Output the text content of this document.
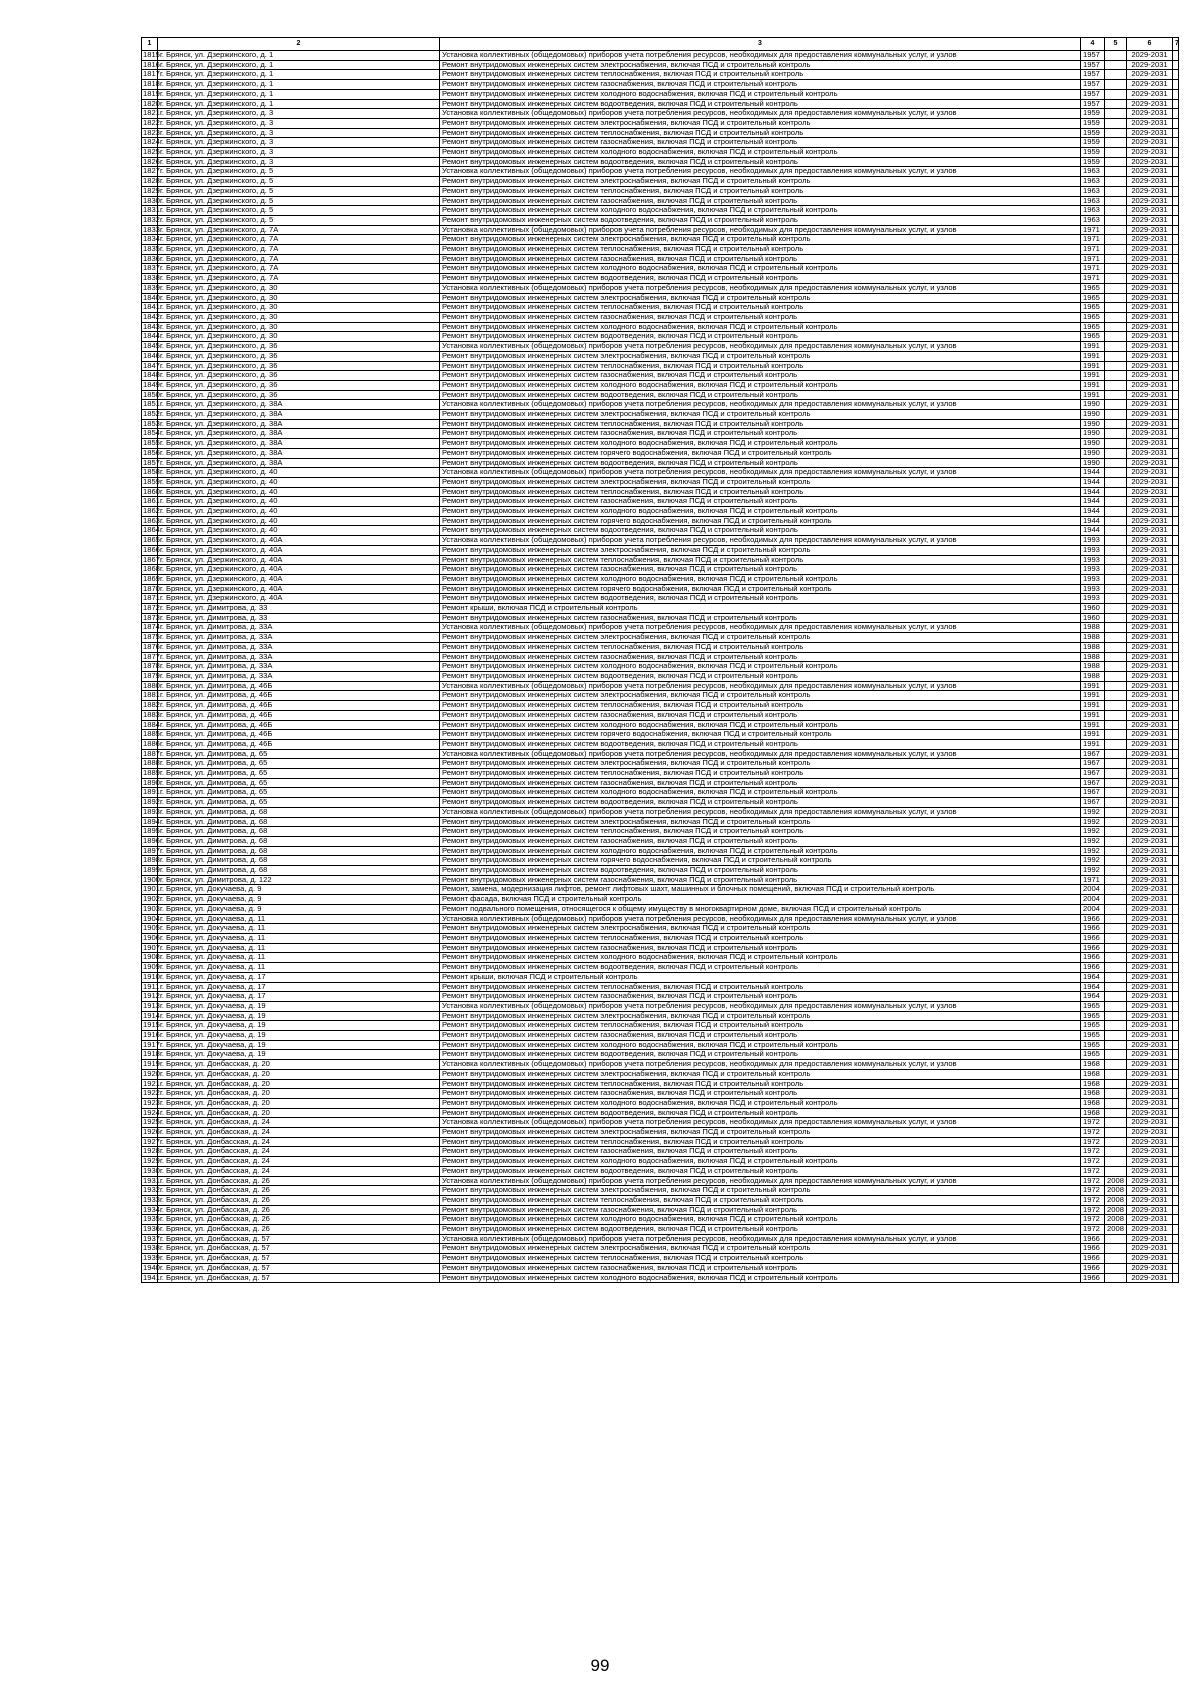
1	2	3	4	5	6	7
1815	г. Брянск, ул. Дзержинского, д. 1	Установка коллективных (общедомовых) приборов учета потребления ресурсов, необходимых для предоставления коммунальных услуг, и узлов	1957		2029-2031	
1816	г. Брянск, ул. Дзержинского, д. 1	Ремонт внутридомовых инженерных систем электроснабжения, включая ПСД и строительный контроль	1957		2029-2031	
1817	г. Брянск, ул. Дзержинского, д. 1	Ремонт внутридомовых инженерных систем теплоснабжения, включая ПСД и строительный контроль	1957		2029-2031	
1818	г. Брянск, ул. Дзержинского, д. 1	Ремонт внутридомовых инженерных систем газоснабжения, включая ПСД и строительный контроль	1957		2029-2031	
1819	г. Брянск, ул. Дзержинского, д. 1	Ремонт внутридомовых инженерных систем холодного водоснабжения, включая ПСД и строительный контроль	1957		2029-2031	
1820	г. Брянск, ул. Дзержинского, д. 1	Ремонт внутридомовых инженерных систем водоотведения, включая ПСД и строительный контроль	1957		2029-2031	
1821	г. Брянск, ул. Дзержинского, д. 3	Установка коллективных (общедомовых) приборов учета потребления ресурсов, необходимых для предоставления коммунальных услуг, и узлов	1959		2029-2031	
1822	г. Брянск, ул. Дзержинского, д. 3	Ремонт внутридомовых инженерных систем электроснабжения, включая ПСД и строительный контроль	1959		2029-2031	
1823	г. Брянск, ул. Дзержинского, д. 3	Ремонт внутридомовых инженерных систем теплоснабжения, включая ПСД и строительный контроль	1959		2029-2031	
1824	г. Брянск, ул. Дзержинского, д. 3	Ремонт внутридомовых инженерных систем газоснабжения, включая ПСД и строительный контроль	1959		2029-2031	
1825	г. Брянск, ул. Дзержинского, д. 3	Ремонт внутридомовых инженерных систем холодного водоснабжения, включая ПСД и строительный контроль	1959		2029-2031	
1826	г. Брянск, ул. Дзержинского, д. 3	Ремонт внутридомовых инженерных систем водоотведения, включая ПСД и строительный контроль	1959		2029-2031	
1827	г. Брянск, ул. Дзержинского, д. 5	Установка коллективных (общедомовых) приборов учета потребления ресурсов, необходимых для предоставления коммунальных услуг, и узлов	1963		2029-2031	
1828	г. Брянск, ул. Дзержинского, д. 5	Ремонт внутридомовых инженерных систем электроснабжения, включая ПСД и строительный контроль	1963		2029-2031	
1829	г. Брянск, ул. Дзержинского, д. 5	Ремонт внутридомовых инженерных систем теплоснабжения, включая ПСД и строительный контроль	1963		2029-2031	
1830	г. Брянск, ул. Дзержинского, д. 5	Ремонт внутридомовых инженерных систем газоснабжения, включая ПСД и строительный контроль	1963		2029-2031	
1831	г. Брянск, ул. Дзержинского, д. 5	Ремонт внутридомовых инженерных систем холодного водоснабжения, включая ПСД и строительный контроль	1963		2029-2031	
1832	г. Брянск, ул. Дзержинского, д. 5	Ремонт внутридомовых инженерных систем водоотведения, включая ПСД и строительный контроль	1963		2029-2031	
1833	г. Брянск, ул. Дзержинского, д. 7А	Установка коллективных (общедомовых) приборов учета потребления ресурсов, необходимых для предоставления коммунальных услуг, и узлов	1971		2029-2031	
1834	г. Брянск, ул. Дзержинского, д. 7А	Ремонт внутридомовых инженерных систем электроснабжения, включая ПСД и строительный контроль	1971		2029-2031	
1835	г. Брянск, ул. Дзержинского, д. 7А	Ремонт внутридомовых инженерных систем теплоснабжения, включая ПСД и строительный контроль	1971		2029-2031	
1836	г. Брянск, ул. Дзержинского, д. 7А	Ремонт внутридомовых инженерных систем газоснабжения, включая ПСД и строительный контроль	1971		2029-2031	
1837	г. Брянск, ул. Дзержинского, д. 7А	Ремонт внутридомовых инженерных систем холодного водоснабжения, включая ПСД и строительный контроль	1971		2029-2031	
1838	г. Брянск, ул. Дзержинского, д. 7А	Ремонт внутридомовых инженерных систем водоотведения, включая ПСД и строительный контроль	1971		2029-2031	
1839	г. Брянск, ул. Дзержинского, д. 30	Установка коллективных (общедомовых) приборов учета потребления ресурсов, необходимых для предоставления коммунальных услуг, и узлов	1965		2029-2031	
1840	г. Брянск, ул. Дзержинского, д. 30	Ремонт внутридомовых инженерных систем электроснабжения, включая ПСД и строительный контроль	1965		2029-2031	
1841	г. Брянск, ул. Дзержинского, д. 30	Ремонт внутридомовых инженерных систем теплоснабжения, включая ПСД и строительный контроль	1965		2029-2031	
1842	г. Брянск, ул. Дзержинского, д. 30	Ремонт внутридомовых инженерных систем газоснабжения, включая ПСД и строительный контроль	1965		2029-2031	
1843	г. Брянск, ул. Дзержинского, д. 30	Ремонт внутридомовых инженерных систем холодного водоснабжения, включая ПСД и строительный контроль	1965		2029-2031	
1844	г. Брянск, ул. Дзержинского, д. 30	Ремонт внутридомовых инженерных систем водоотведения, включая ПСД и строительный контроль	1965		2029-2031	
1845	г. Брянск, ул. Дзержинского, д. 36	Установка коллективных (общедомовых) приборов учета потребления ресурсов, необходимых для предоставления коммунальных услуг, и узлов	1991		2029-2031	
1846	г. Брянск, ул. Дзержинского, д. 36	Ремонт внутридомовых инженерных систем электроснабжения, включая ПСД и строительный контроль	1991		2029-2031	
1847	г. Брянск, ул. Дзержинского, д. 36	Ремонт внутридомовых инженерных систем теплоснабжения, включая ПСД и строительный контроль	1991		2029-2031	
1848	г. Брянск, ул. Дзержинского, д. 36	Ремонт внутридомовых инженерных систем газоснабжения, включая ПСД и строительный контроль	1991		2029-2031	
1849	г. Брянск, ул. Дзержинского, д. 36	Ремонт внутридомовых инженерных систем холодного водоснабжения, включая ПСД и строительный контроль	1991		2029-2031	
1850	г. Брянск, ул. Дзержинского, д. 36	Ремонт внутридомовых инженерных систем водоотведения, включая ПСД и строительный контроль	1991		2029-2031	
1851	г. Брянск, ул. Дзержинского, д. 38А	Установка коллективных (общедомовых) приборов учета потребления ресурсов, необходимых для предоставления коммунальных услуг, и узлов	1990		2029-2031	
1852	г. Брянск, ул. Дзержинского, д. 38А	Ремонт внутридомовых инженерных систем электроснабжения, включая ПСД и строительный контроль	1990		2029-2031	
1853	г. Брянск, ул. Дзержинского, д. 38А	Ремонт внутридомовых инженерных систем теплоснабжения, включая ПСД и строительный контроль	1990		2029-2031	
1854	г. Брянск, ул. Дзержинского, д. 38А	Ремонт внутридомовых инженерных систем газоснабжения, включая ПСД и строительный контроль	1990		2029-2031	
1855	г. Брянск, ул. Дзержинского, д. 38А	Ремонт внутридомовых инженерных систем холодного водоснабжения, включая ПСД и строительный контроль	1990		2029-2031	
1856	г. Брянск, ул. Дзержинского, д. 38А	Ремонт внутридомовых инженерных систем горячего водоснабжения, включая ПСД и строительный контроль	1990		2029-2031	
1857	г. Брянск, ул. Дзержинского, д. 38А	Ремонт внутридомовых инженерных систем водоотведения, включая ПСД и строительный контроль	1990		2029-2031	
1858	г. Брянск, ул. Дзержинского, д. 40	Установка коллективных (общедомовых) приборов учета потребления ресурсов, необходимых для предоставления коммунальных услуг, и узлов	1944		2029-2031	
1859	г. Брянск, ул. Дзержинского, д. 40	Ремонт внутридомовых инженерных систем электроснабжения, включая ПСД и строительный контроль	1944		2029-2031	
1860	г. Брянск, ул. Дзержинского, д. 40	Ремонт внутридомовых инженерных систем теплоснабжения, включая ПСД и строительный контроль	1944		2029-2031	
1861	г. Брянск, ул. Дзержинского, д. 40	Ремонт внутридомовых инженерных систем газоснабжения, включая ПСД и строительный контроль	1944		2029-2031	
1862	г. Брянск, ул. Дзержинского, д. 40	Ремонт внутридомовых инженерных систем холодного водоснабжения, включая ПСД и строительный контроль	1944		2029-2031	
1863	г. Брянск, ул. Дзержинского, д. 40	Ремонт внутридомовых инженерных систем горячего водоснабжения, включая ПСД и строительный контроль	1944		2029-2031	
1864	г. Брянск, ул. Дзержинского, д. 40	Ремонт внутридомовых инженерных систем водоотведения, включая ПСД и строительный контроль	1944		2029-2031	
1865	г. Брянск, ул. Дзержинского, д. 40А	Установка коллективных (общедомовых) приборов учета потребления ресурсов, необходимых для предоставления коммунальных услуг, и узлов	1993		2029-2031	
1866	г. Брянск, ул. Дзержинского, д. 40А	Ремонт внутридомовых инженерных систем электроснабжения, включая ПСД и строительный контроль	1993		2029-2031	
1867	г. Брянск, ул. Дзержинского, д. 40А	Ремонт внутридомовых инженерных систем теплоснабжения, включая ПСД и строительный контроль	1993		2029-2031	
1868	г. Брянск, ул. Дзержинского, д. 40А	Ремонт внутридомовых инженерных систем газоснабжения, включая ПСД и строительный контроль	1993		2029-2031	
1869	г. Брянск, ул. Дзержинского, д. 40А	Ремонт внутридомовых инженерных систем холодного водоснабжения, включая ПСД и строительный контроль	1993		2029-2031	
1870	г. Брянск, ул. Дзержинского, д. 40А	Ремонт внутридомовых инженерных систем горячего водоснабжения, включая ПСД и строительный контроль	1993		2029-2031	
1871	г. Брянск, ул. Дзержинского, д. 40А	Ремонт внутридомовых инженерных систем водоотведения, включая ПСД и строительный контроль	1993		2029-2031	
1872	г. Брянск, ул. Димитрова, д. 33	Ремонт крыши, включая ПСД и строительный контроль	1960		2029-2031	
1873	г. Брянск, ул. Димитрова, д. 33	Ремонт внутридомовых инженерных систем газоснабжения, включая ПСД и строительный контроль	1960		2029-2031	
1874	г. Брянск, ул. Димитрова, д. 33А	Установка коллективных (общедомовых) приборов учета потребления ресурсов, необходимых для предоставления коммунальных услуг, и узлов	1988		2029-2031	
1875	г. Брянск, ул. Димитрова, д. 33А	Ремонт внутридомовых инженерных систем электроснабжения, включая ПСД и строительный контроль	1988		2029-2031	
1876	г. Брянск, ул. Димитрова, д. 33А	Ремонт внутридомовых инженерных систем теплоснабжения, включая ПСД и строительный контроль	1988		2029-2031	
1877	г. Брянск, ул. Димитрова, д. 33А	Ремонт внутридомовых инженерных систем газоснабжения, включая ПСД и строительный контроль	1988		2029-2031	
1878	г. Брянск, ул. Димитрова, д. 33А	Ремонт внутридомовых инженерных систем холодного водоснабжения, включая ПСД и строительный контроль	1988		2029-2031	
1879	г. Брянск, ул. Димитрова, д. 33А	Ремонт внутридомовых инженерных систем водоотведения, включая ПСД и строительный контроль	1988		2029-2031	
1880	г. Брянск, ул. Димитрова, д. 46Б	Установка коллективных (общедомовых) приборов учета потребления ресурсов, необходимых для предоставления коммунальных услуг, и узлов	1991		2029-2031	
1881	г. Брянск, ул. Димитрова, д. 46Б	Ремонт внутридомовых инженерных систем электроснабжения, включая ПСД и строительный контроль	1991		2029-2031	
1882	г. Брянск, ул. Димитрова, д. 46Б	Ремонт внутридомовых инженерных систем теплоснабжения, включая ПСД и строительный контроль	1991		2029-2031	
1883	г. Брянск, ул. Димитрова, д. 46Б	Ремонт внутридомовых инженерных систем газоснабжения, включая ПСД и строительный контроль	1991		2029-2031	
1884	г. Брянск, ул. Димитрова, д. 46Б	Ремонт внутридомовых инженерных систем холодного водоснабжения, включая ПСД и строительный контроль	1991		2029-2031	
1885	г. Брянск, ул. Димитрова, д. 46Б	Ремонт внутридомовых инженерных систем горячего водоснабжения, включая ПСД и строительный контроль	1991		2029-2031	
1886	г. Брянск, ул. Димитрова, д. 46Б	Ремонт внутридомовых инженерных систем водоотведения, включая ПСД и строительный контроль	1991		2029-2031	
1887	г. Брянск, ул. Димитрова, д. 65	Установка коллективных (общедомовых) приборов учета потребления ресурсов, необходимых для предоставления коммунальных услуг, и узлов	1967		2029-2031	
1888	г. Брянск, ул. Димитрова, д. 65	Ремонт внутридомовых инженерных систем электроснабжения, включая ПСД и строительный контроль	1967		2029-2031	
1889	г. Брянск, ул. Димитрова, д. 65	Ремонт внутридомовых инженерных систем теплоснабжения, включая ПСД и строительный контроль	1967		2029-2031	
1890	г. Брянск, ул. Димитрова, д. 65	Ремонт внутридомовых инженерных систем газоснабжения, включая ПСД и строительный контроль	1967		2029-2031	
1891	г. Брянск, ул. Димитрова, д. 65	Ремонт внутридомовых инженерных систем холодного водоснабжения, включая ПСД и строительный контроль	1967		2029-2031	
1892	г. Брянск, ул. Димитрова, д. 65	Ремонт внутридомовых инженерных систем водоотведения, включая ПСД и строительный контроль	1967		2029-2031	
1893	г. Брянск, ул. Димитрова, д. 68	Установка коллективных (общедомовых) приборов учета потребления ресурсов, необходимых для предоставления коммунальных услуг, и узлов	1992		2029-2031	
1894	г. Брянск, ул. Димитрова, д. 68	Ремонт внутридомовых инженерных систем электроснабжения, включая ПСД и строительный контроль	1992		2029-2031	
1895	г. Брянск, ул. Димитрова, д. 68	Ремонт внутридомовых инженерных систем теплоснабжения, включая ПСД и строительный контроль	1992		2029-2031	
1896	г. Брянск, ул. Димитрова, д. 68	Ремонт внутридомовых инженерных систем газоснабжения, включая ПСД и строительный контроль	1992		2029-2031	
1897	г. Брянск, ул. Димитрова, д. 68	Ремонт внутридомовых инженерных систем холодного водоснабжения, включая ПСД и строительный контроль	1992		2029-2031	
1898	г. Брянск, ул. Димитрова, д. 68	Ремонт внутридомовых инженерных систем горячего водоснабжения, включая ПСД и строительный контроль	1992		2029-2031	
1899	г. Брянск, ул. Димитрова, д. 68	Ремонт внутридомовых инженерных систем водоотведения, включая ПСД и строительный контроль	1992		2029-2031	
1900	г. Брянск, ул. Димитрова, д. 122	Ремонт внутридомовых инженерных систем газоснабжения, включая ПСД и строительный контроль	1971		2029-2031	
1901	г. Брянск, ул. Докучаева, д. 9	Ремонт, замена, модернизация лифтов, ремонт лифтовых шахт, машинных и блочных помещений, включая ПСД и строительный контроль	2004		2029-2031	
1902	г. Брянск, ул. Докучаева, д. 9	Ремонт фасада, включая ПСД и строительный контроль	2004		2029-2031	
1903	г. Брянск, ул. Докучаева, д. 9	Ремонт подвального помещения, относящегося к общему имуществу в многоквартирном доме, включая ПСД и строительный контроль	2004		2029-2031	
1904	г. Брянск, ул. Докучаева, д. 11	Установка коллективных (общедомовых) приборов учета потребления ресурсов, необходимых для предоставления коммунальных услуг, и узлов	1966		2029-2031	
1905	г. Брянск, ул. Докучаева, д. 11	Ремонт внутридомовых инженерных систем электроснабжения, включая ПСД и строительный контроль	1966		2029-2031	
1906	г. Брянск, ул. Докучаева, д. 11	Ремонт внутридомовых инженерных систем теплоснабжения, включая ПСД и строительный контроль	1966		2029-2031	
1907	г. Брянск, ул. Докучаева, д. 11	Ремонт внутридомовых инженерных систем газоснабжения, включая ПСД и строительный контроль	1966		2029-2031	
1908	г. Брянск, ул. Докучаева, д. 11	Ремонт внутридомовых инженерных систем холодного водоснабжения, включая ПСД и строительный контроль	1966		2029-2031	
1909	г. Брянск, ул. Докучаева, д. 11	Ремонт внутридомовых инженерных систем водоотведения, включая ПСД и строительный контроль	1966		2029-2031	
1910	г. Брянск, ул. Докучаева, д. 17	Ремонт крыши, включая ПСД и строительный контроль	1964		2029-2031	
1911	г. Брянск, ул. Докучаева, д. 17	Ремонт внутридомовых инженерных систем теплоснабжения, включая ПСД и строительный контроль	1964		2029-2031	
1912	г. Брянск, ул. Докучаева, д. 17	Ремонт внутридомовых инженерных систем газоснабжения, включая ПСД и строительный контроль	1964		2029-2031	
1913	г. Брянск, ул. Докучаева, д. 19	Установка коллективных (общедомовых) приборов учета потребления ресурсов, необходимых для предоставления коммунальных услуг, и узлов	1965		2029-2031	
1914	г. Брянск, ул. Докучаева, д. 19	Ремонт внутридомовых инженерных систем электроснабжения, включая ПСД и строительный контроль	1965		2029-2031	
1915	г. Брянск, ул. Докучаева, д. 19	Ремонт внутридомовых инженерных систем теплоснабжения, включая ПСД и строительный контроль	1965		2029-2031	
1916	г. Брянск, ул. Докучаева, д. 19	Ремонт внутридомовых инженерных систем газоснабжения, включая ПСД и строительный контроль	1965		2029-2031	
1917	г. Брянск, ул. Докучаева, д. 19	Ремонт внутридомовых инженерных систем холодного водоснабжения, включая ПСД и строительный контроль	1965		2029-2031	
1918	г. Брянск, ул. Докучаева, д. 19	Ремонт внутридомовых инженерных систем водоотведения, включая ПСД и строительный контроль	1965		2029-2031	
1919	г. Брянск, ул. Донбасская, д. 20	Установка коллективных (общедомовых) приборов учета потребления ресурсов, необходимых для предоставления коммунальных услуг, и узлов	1968		2029-2031	
1920	г. Брянск, ул. Донбасская, д. 20	Ремонт внутридомовых инженерных систем электроснабжения, включая ПСД и строительный контроль	1968		2029-2031	
1921	г. Брянск, ул. Донбасская, д. 20	Ремонт внутридомовых инженерных систем теплоснабжения, включая ПСД и строительный контроль	1968		2029-2031	
1922	г. Брянск, ул. Донбасская, д. 20	Ремонт внутридомовых инженерных систем газоснабжения, включая ПСД и строительный контроль	1968		2029-2031	
1923	г. Брянск, ул. Донбасская, д. 20	Ремонт внутридомовых инженерных систем холодного водоснабжения, включая ПСД и строительный контроль	1968		2029-2031	
1924	г. Брянск, ул. Донбасская, д. 20	Ремонт внутридомовых инженерных систем водоотведения, включая ПСД и строительный контроль	1968		2029-2031	
1925	г. Брянск, ул. Донбасская, д. 24	Установка коллективных (общедомовых) приборов учета потребления ресурсов, необходимых для предоставления коммунальных услуг, и узлов	1972		2029-2031	
1926	г. Брянск, ул. Донбасская, д. 24	Ремонт внутридомовых инженерных систем электроснабжения, включая ПСД и строительный контроль	1972		2029-2031	
1927	г. Брянск, ул. Донбасская, д. 24	Ремонт внутридомовых инженерных систем теплоснабжения, включая ПСД и строительный контроль	1972		2029-2031	
1928	г. Брянск, ул. Донбасская, д. 24	Ремонт внутридомовых инженерных систем газоснабжения, включая ПСД и строительный контроль	1972		2029-2031	
1929	г. Брянск, ул. Донбасская, д. 24	Ремонт внутридомовых инженерных систем холодного водоснабжения, включая ПСД и строительный контроль	1972		2029-2031	
1930	г. Брянск, ул. Донбасская, д. 24	Ремонт внутридомовых инженерных систем водоотведения, включая ПСД и строительный контроль	1972		2029-2031	
1931	г. Брянск, ул. Донбасская, д. 26	Установка коллективных (общедомовых) приборов учета потребления ресурсов, необходимых для предоставления коммунальных услуг, и узлов	1972	2008	2029-2031	
1932	г. Брянск, ул. Донбасская, д. 26	Ремонт внутридомовых инженерных систем электроснабжения, включая ПСД и строительный контроль	1972	2008	2029-2031	
1933	г. Брянск, ул. Донбасская, д. 26	Ремонт внутридомовых инженерных систем теплоснабжения, включая ПСД и строительный контроль	1972	2008	2029-2031	
1934	г. Брянск, ул. Донбасская, д. 26	Ремонт внутридомовых инженерных систем газоснабжения, включая ПСД и строительный контроль	1972	2008	2029-2031	
1935	г. Брянск, ул. Донбасская, д. 26	Ремонт внутридомовых инженерных систем холодного водоснабжения, включая ПСД и строительный контроль	1972	2008	2029-2031	
1936	г. Брянск, ул. Донбасская, д. 26	Ремонт внутридомовых инженерных систем водоотведения, включая ПСД и строительный контроль	1972	2008	2029-2031	
1937	г. Брянск, ул. Донбасская, д. 57	Установка коллективных (общедомовых) приборов учета потребления ресурсов, необходимых для предоставления коммунальных услуг, и узлов	1966		2029-2031	
1938	г. Брянск, ул. Донбасская, д. 57	Ремонт внутридомовых инженерных систем электроснабжения, включая ПСД и строительный контроль	1966		2029-2031	
1939	г. Брянск, ул. Донбасская, д. 57	Ремонт внутридомовых инженерных систем теплоснабжения, включая ПСД и строительный контроль	1966		2029-2031	
1940	г. Брянск, ул. Донбасская, д. 57	Ремонт внутридомовых инженерных систем газоснабжения, включая ПСД и строительный контроль	1966		2029-2031	
1941	г. Брянск, ул. Донбасская, д. 57	Ремонт внутридомовых инженерных систем холодного водоснабжения, включая ПСД и строительный контроль	1966		2029-2031	
99
